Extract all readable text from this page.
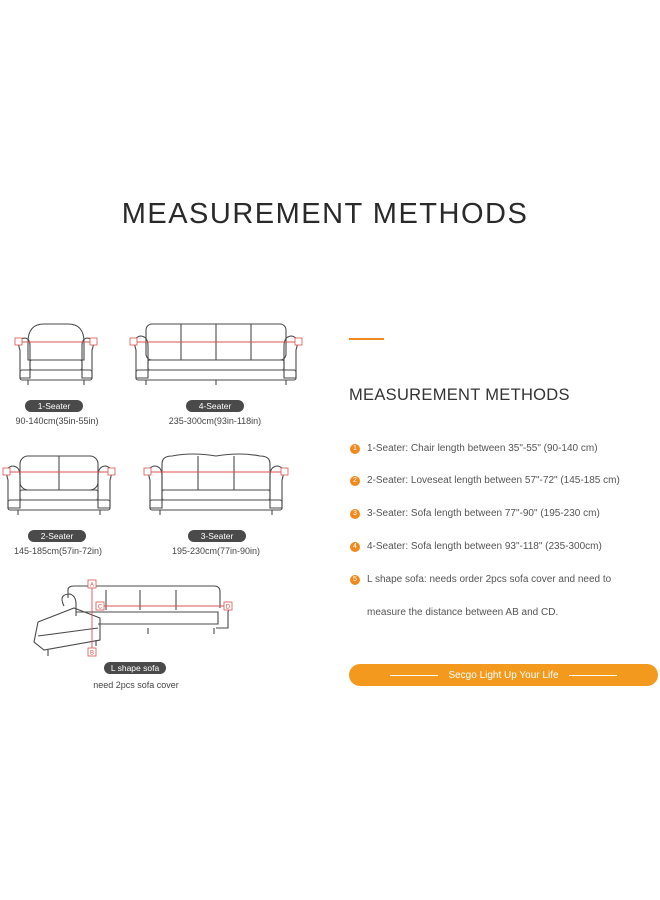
MEASUREMENT METHODS
1-Seater
90-140cm(35in-55in)
4-Seater
235-300cm(93in-118in)
2-Seater
145-185cm(57in-72in)
3-Seater
195-230cm(77in-90in)
A
B
C	D
L shape sofa
need 2pcs sofa cover
MEASUREMENT METHODS
1	1-Seater: Chair length between 35"-55" (90-140 cm)
2	2-Seater: Loveseat length between 57"-72" (145-185 cm)
3	3-Seater: Sofa length between 77"-90" (195-230 cm)
4	4-Seater: Sofa length between 93"-118" (235-300cm)
5	L shape sofa: needs order 2pcs sofa cover and need to
measure the distance between AB and CD.
Secgo Light Up Your Life
